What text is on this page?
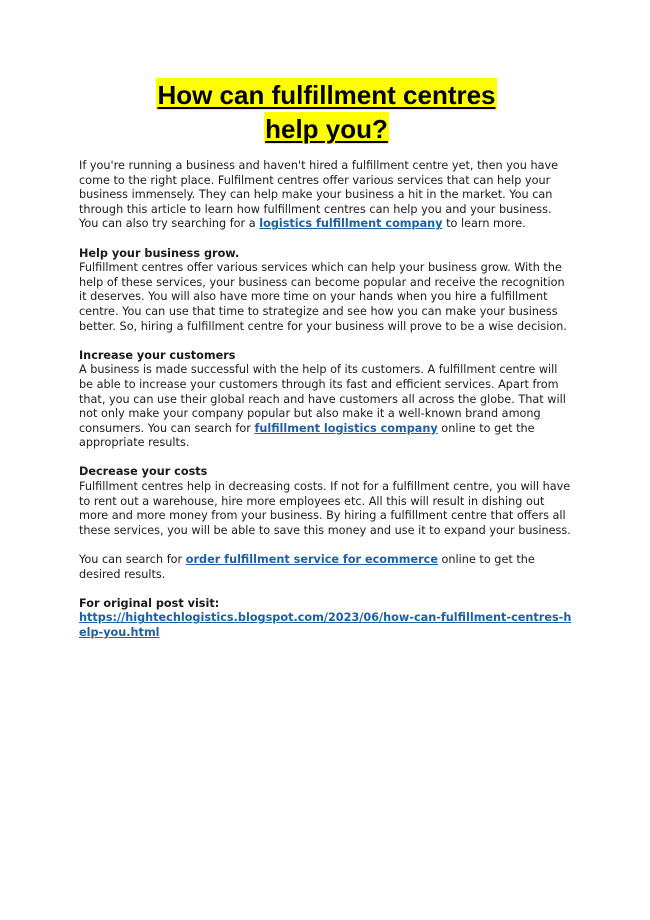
How can fulfillment centres
help you?

If you're running a business and haven't hired a fulfillment centre yet, then you have come to the right place. Fulfilment centres offer various services that can help your business immensely. They can help make your business a hit in the market. You can through this article to learn how fulfillment centres can help you and your business. You can also try searching for a logistics fulfillment company to learn more.

Help your business grow.

Fulfillment centres offer various services which can help your business grow. With the help of these services, your business can become popular and receive the recognition it deserves. You will also have more time on your hands when you hire a fulfillment centre. You can use that time to strategize and see how you can make your business better. So, hiring a fulfillment centre for your business will prove to be a wise decision.

Increase your customers

A business is made successful with the help of its customers. A fulfillment centre will be able to increase your customers through its fast and efficient services. Apart from that, you can use their global reach and have customers all across the globe. That will not only make your company popular but also make it a well-known brand among consumers. You can search for fulfillment logistics company online to get the appropriate results.

Decrease your costs

Fulfillment centres help in decreasing costs. If not for a fulfillment centre, you will have to rent out a warehouse, hire more employees etc. All this will result in dishing out more and more money from your business. By hiring a fulfillment centre that offers all these services, you will be able to save this money and use it to expand your business.

You can search for order fulfillment service for ecommerce online to get the desired results.

For original post visit:

https://hightechlogistics.blogspot.com/2023/06/how-can-fulfillment-centres-help-you.html
